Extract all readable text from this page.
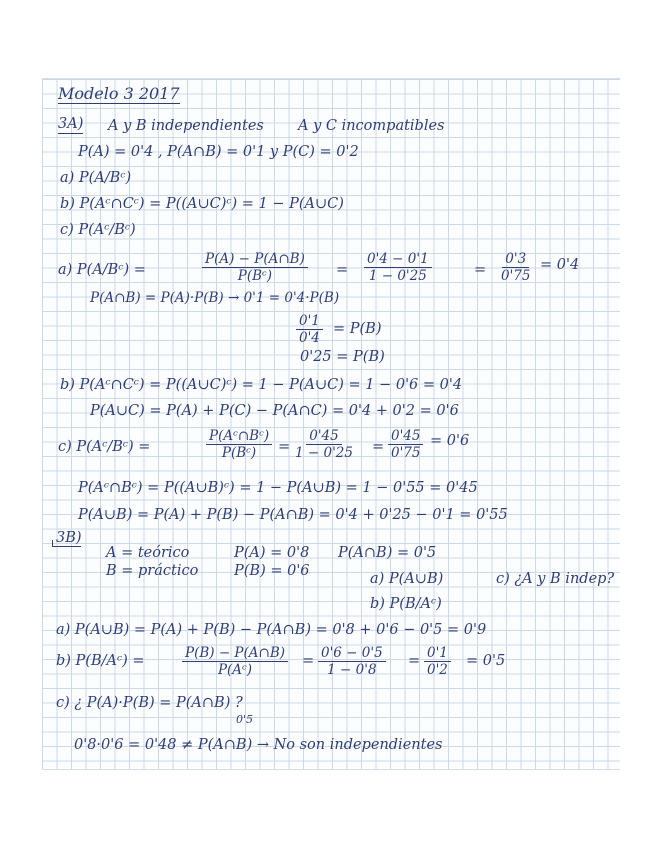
Modelo 3 2017
3A) A y B independientes A y C incompatibles
P(A) = 0'4 , P(A∩B) = 0'1 y P(C) = 0'2
a) P(A/Bᶜ)
b) P(Aᶜ∩Cᶜ) = P((A∪C)ᶜ) = 1 − P(A∪C)
c) P(Aᶜ/Bᶜ)
a) P(A/Bᶜ) =	$\frac{P(A) - P(A\cap B)}{\text{P(Bᶜ)}} = \frac{0'4 - 0'1}{1 - 0'25}$	= $\frac{0'3}{0'75} = 0'4$
P(A∩B) = P(A)·P(B) → 0'1 = 0'4·P(B)
$\frac{0'1}{0'4} = P(B)$
0'25 = P(B)
b) P(Aᶜ∩Cᶜ) = P((A∪C)ᶜ) = 1 − P(A∪C) = 1 − 0'6 = 0'4
P(A∪C) = P(A) + P(C) − P(A∩C) = 0'4 + 0'2 = 0'6
c) P(Aᶜ/Bᶜ) =	$\frac{\text{P(Aᶜ∩Bᶜ)}}{\text{P(Bᶜ)}} = \frac{0'45}{1 - 0'25} = \frac{0'45}{0'75} = 0'6$
P(Aᶜ∩Bᶜ) = P((A∪B)ᶜ) = 1 − P(A∪B) = 1 − 0'55 = 0'45
P(A∪B) = P(A) + P(B) − P(A∩B) = 0'4 + 0'25 − 0'1 = 0'55
3B)
A = teórico
B = práctico
P(A) = 0'8
P(B) = 0'6
P(A∩B) = 0'5
a) P(A∪B)	c) ¿A y B indep?
b) P(B/Aᶜ)
a) P(A∪B) = P(A) + P(B) − P(A∩B) = 0'8 + 0'6 − 0'5 = 0'9
b) P(B/Aᶜ) =	$\frac{P(B) - P(A\cap B)}{\text{P(Aᶜ)}} = \frac{0'6 - 0'5}{1 - 0'8} = \frac{0'1}{0'2} = 0'5$
c) ¿ P(A)·P(B) = P(A∩B) ?
0'5
0'8·0'6 = 0'48 ≠ P(A∩B) → No son independientes
